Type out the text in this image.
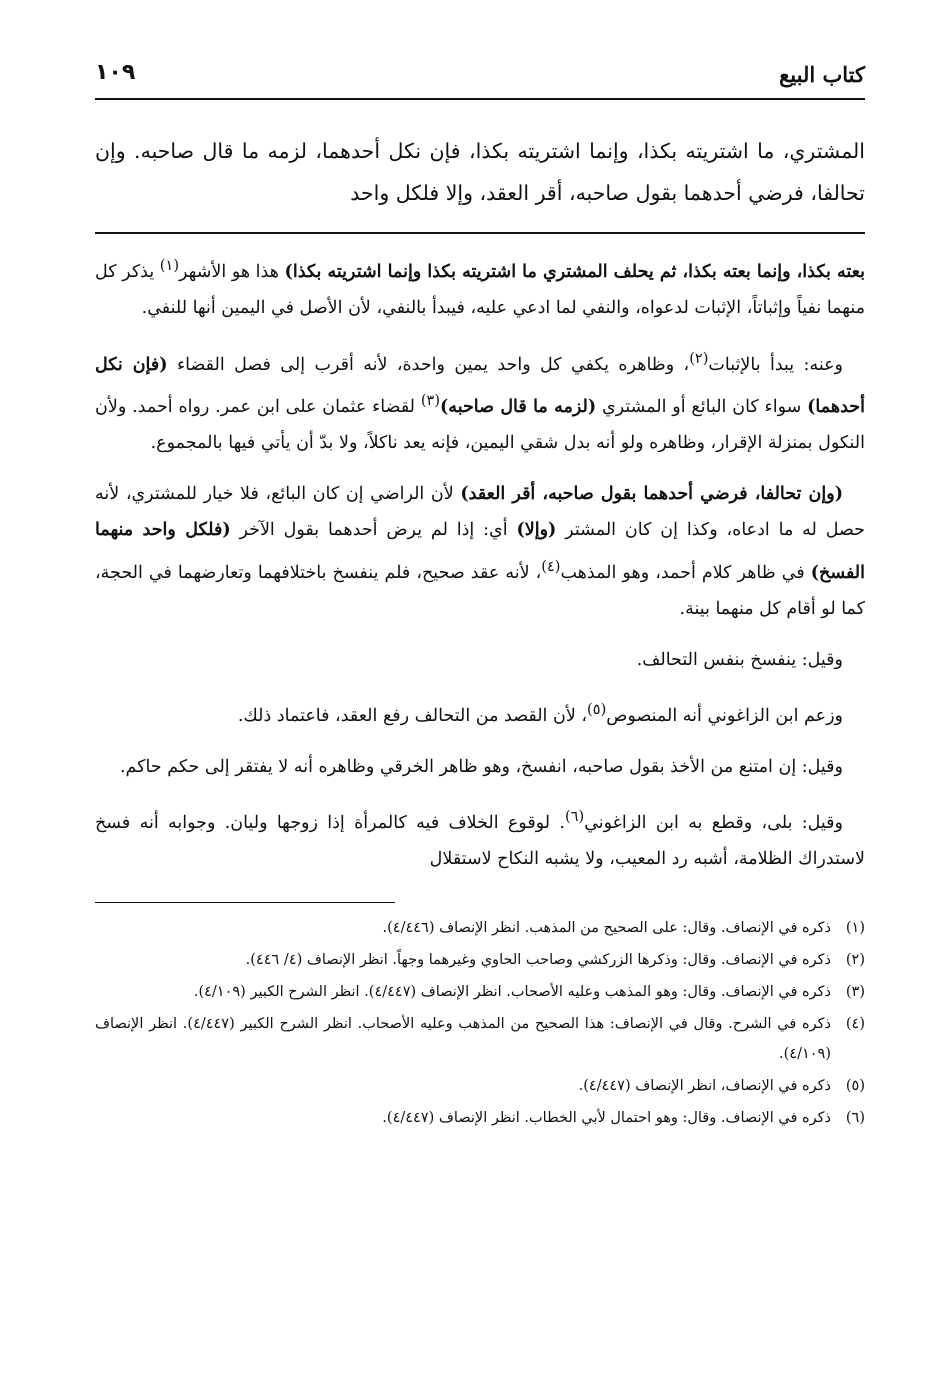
كتاب البيع
١٠٩
المشتري، ما اشتريته بكذا، وإنما اشتريته بكذا، فإن نكل أحدهما، لزمه ما قال صاحبه. وإن تحالفا، فرضي أحدهما بقول صاحبه، أقر العقد، وإلا فلكل واحد

بعته بكذا، وإنما بعته بكذا، ثم يحلف المشتري ما اشتريته بكذا وإنما اشتريته بكذا) هذا هو الأشهر$^{(١)}$ يذكر كل منهما نفياً وإثباتاً، الإثبات لدعواه، والنفي لما ادعي عليه، فيبدأ بالنفي، لأن الأصل في اليمين أنها للنفي.

وعنه: يبدأ بالإثبات$^{(٢)}$، وظاهره يكفي كل واحد يمين واحدة، لأنه أقرب إلى فصل القضاء (فإن نكل أحدهما) سواء كان البائع أو المشتري (لزمه ما قال صاحبه)$^{(٣)}$ لقضاء عثمان على ابن عمر. رواه أحمد. ولأن النكول بمنزلة الإقرار، وظاهره ولو أنه بدل شقي اليمين، فإنه يعد ناكلاً، ولا بدّ أن يأتي فيها بالمجموع.

(وإن تحالفا، فرضي أحدهما بقول صاحبه، أقر العقد) لأن الراضي إن كان البائع، فلا خيار للمشتري، لأنه حصل له ما ادعاه، وكذا إن كان المشتر (وإلا) أي: إذا لم يرض أحدهما بقول الآخر (فلكل واحد منهما الفسخ) في ظاهر كلام أحمد، وهو المذهب$^{(٤)}$، لأنه عقد صحيح، فلم ينفسخ باختلافهما وتعارضهما في الحجة، كما لو أقام كل منهما بينة.

وقيل: ينفسخ بنفس التحالف.

وزعم ابن الزاغوني أنه المنصوص$^{(٥)}$، لأن القصد من التحالف رفع العقد، فاعتماد ذلك.

وقيل: إن امتنع من الأخذ بقول صاحبه، انفسخ، وهو ظاهر الخرقي وظاهره أنه لا يفتقر إلى حكم حاكم.

وقيل: بلى، وقطع به ابن الزاغوني$^{(٦)}$. لوقوع الخلاف فيه كالمرأة إذا زوجها وليان. وجوابه أنه فسخ لاستدراك الظلامة، أشبه رد المعيب، ولا يشبه النكاح لاستقلال

(١)
ذكره في الإنصاف. وقال: على الصحيح من المذهب. انظر الإنصاف (٤/٤٤٦).
(٢)
ذكره في الإنصاف. وقال: وذكرها الزركشي وصاحب الحاوي وغيرهما وجهاً. انظر الإنصاف (٤/ ٤٤٦).
(٣)
ذكره في الإنصاف. وقال: وهو المذهب وعليه الأصحاب. انظر الإنصاف (٤/٤٤٧). انظر الشرح الكبير (٤/١٠٩).
(٤)
ذكره في الشرح. وقال في الإنصاف: هذا الصحيح من المذهب وعليه الأصحاب. انظر الشرح الكبير (٤/٤٤٧). انظر الإنصاف (٤/١٠٩).
(٥)
ذكره في الإنصاف، انظر الإنصاف (٤/٤٤٧).
(٦)
ذكره في الإنصاف. وقال: وهو احتمال لأبي الخطاب. انظر الإنصاف (٤/٤٤٧).
